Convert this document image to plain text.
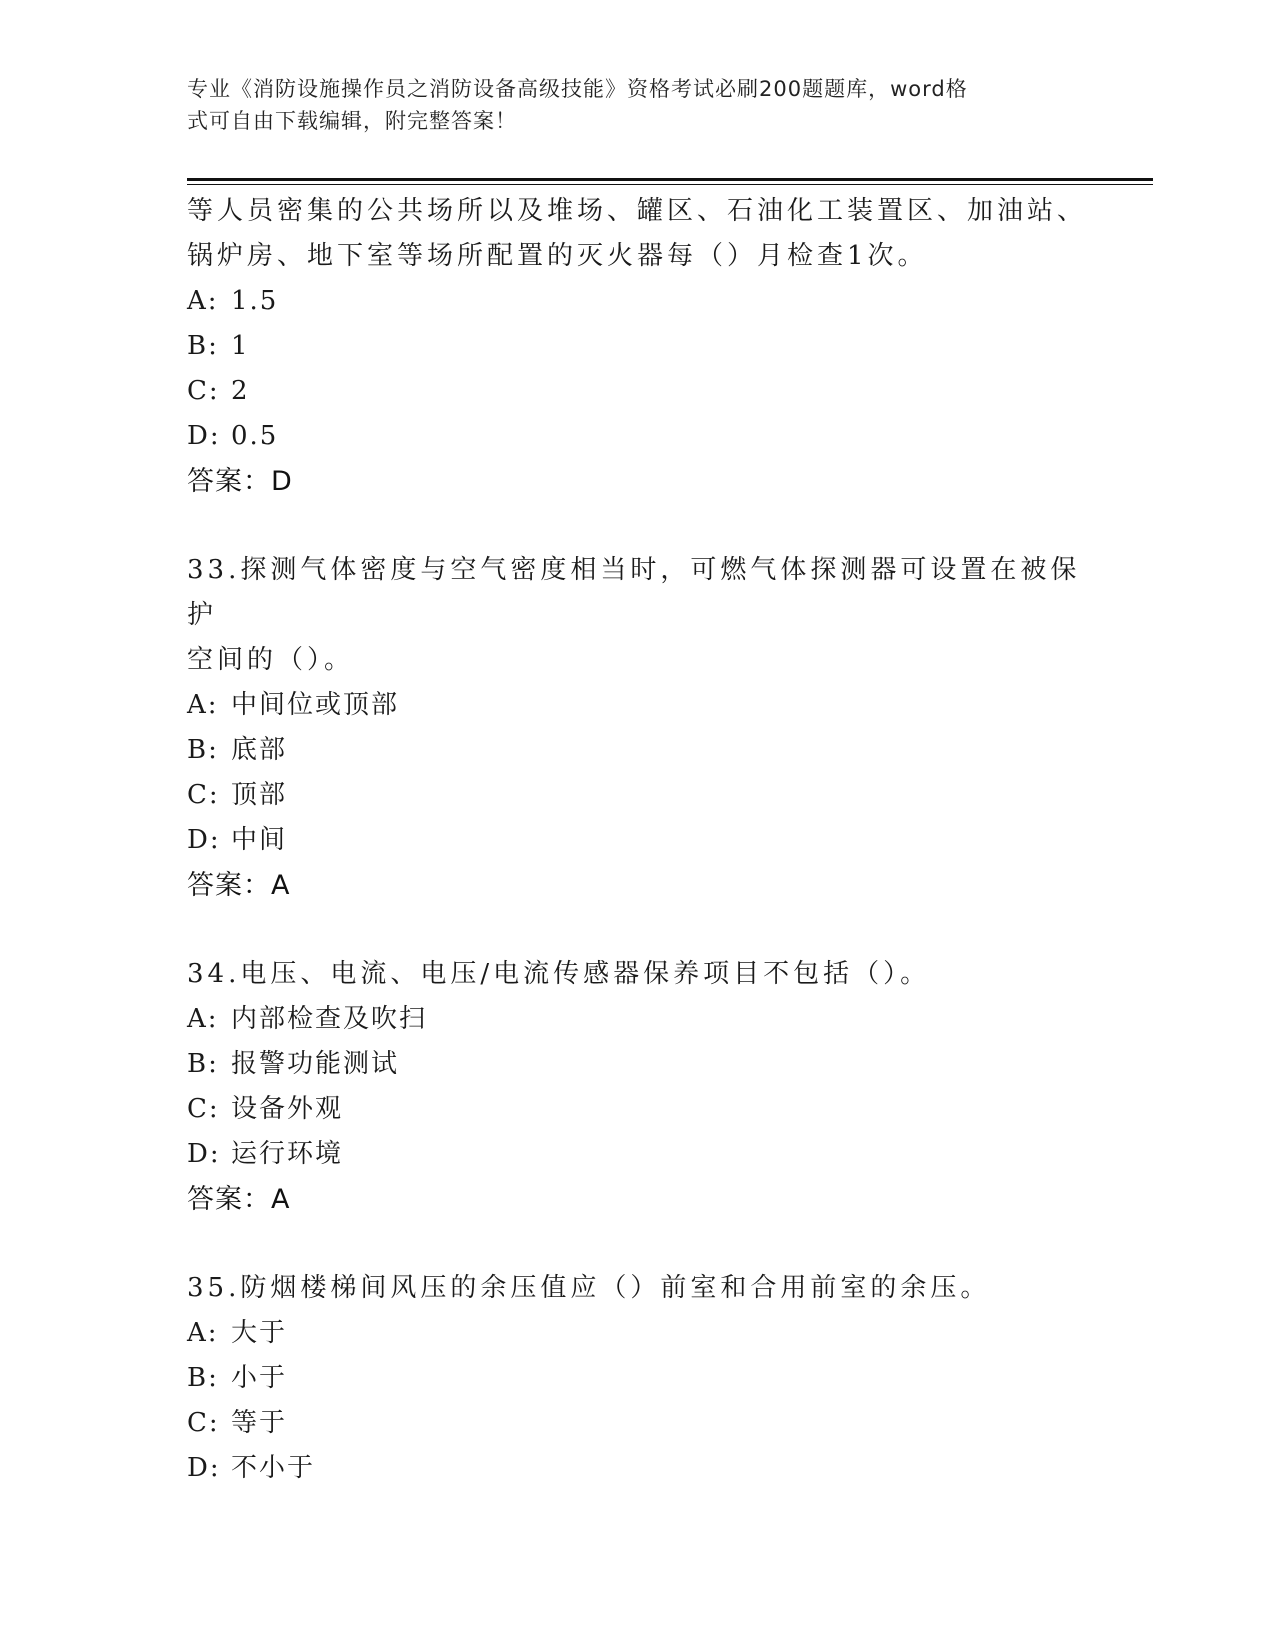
专业《消防设施操作员之消防设备高级技能》资格考试必刷200题题库，word格
式可自由下载编辑，附完整答案！

等人员密集的公共场所以及堆场、罐区、石油化工装置区、加油站、

锅炉房、地下室等场所配置的灭火器每（）月检查1次。

A: 1.5

B: 1

C: 2

D: 0.5

答案：D

33.探测气体密度与空气密度相当时，可燃气体探测器可设置在被保护

空间的（）。

A: 中间位或顶部

B: 底部

C: 顶部

D: 中间

答案：A

34.电压、电流、电压/电流传感器保养项目不包括（）。

A: 内部检查及吹扫

B: 报警功能测试

C: 设备外观

D: 运行环境

答案：A

35.防烟楼梯间风压的余压值应（）前室和合用前室的余压。

A: 大于

B: 小于

C: 等于

D: 不小于
